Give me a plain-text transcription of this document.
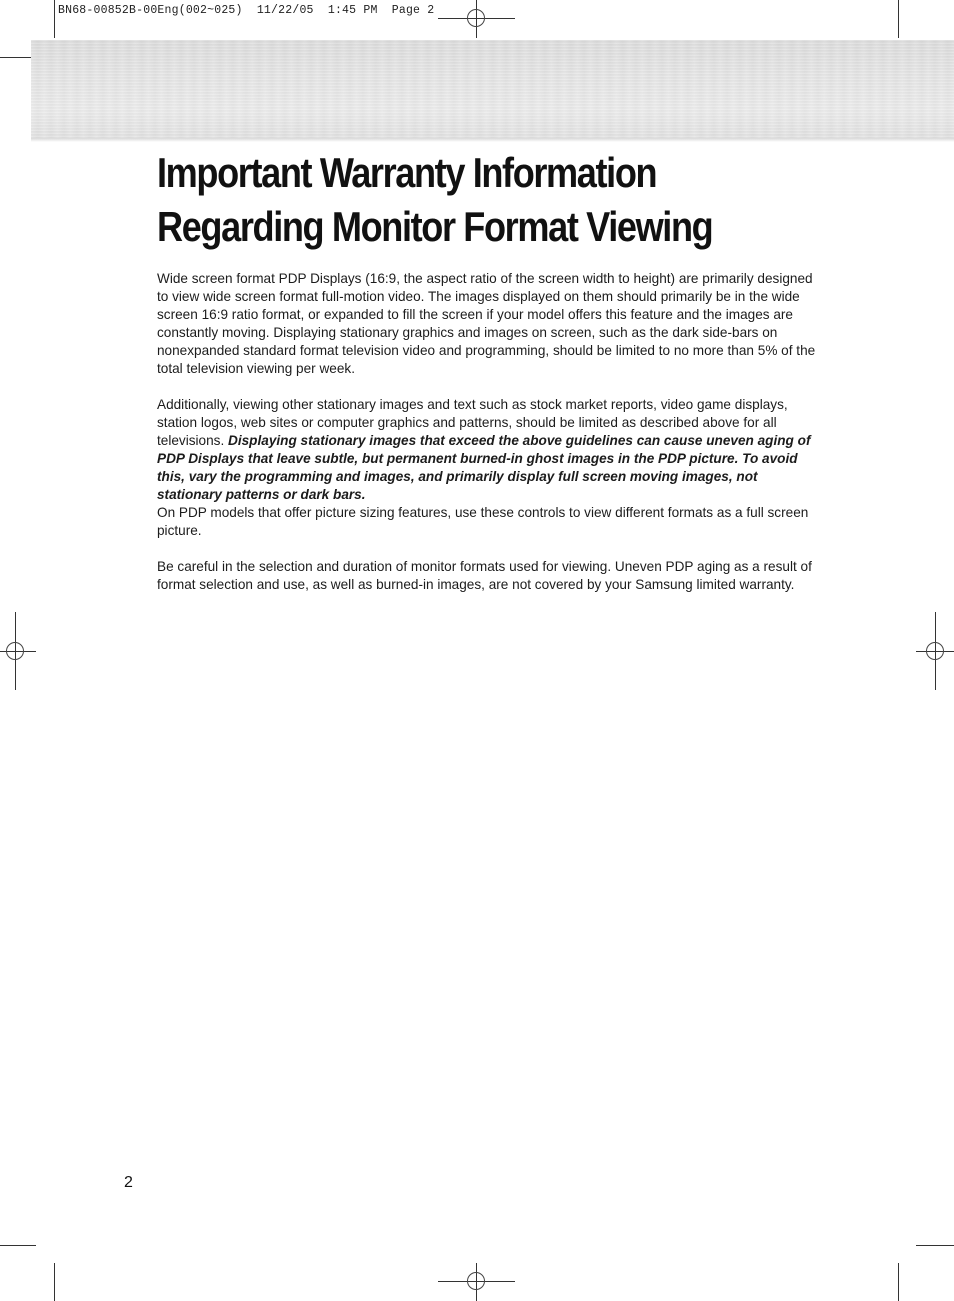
BN68-00852B-00Eng(002~025)  11/22/05  1:45 PM  Page 2
Important Warranty Information
Regarding Monitor Format Viewing

Wide screen format PDP Displays (16:9, the aspect ratio of the screen width to height) are primarily designed to view wide screen format full-motion video. The images displayed on them should primarily be in the wide screen 16:9 ratio format, or expanded to fill the screen if your model offers this feature and the images are constantly moving. Displaying stationary graphics and images on screen, such as the dark side-bars on nonexpanded standard format television video and programming, should be limited to no more than 5% of the total television viewing per week.

Additionally, viewing other stationary images and text such as stock market reports, video game displays, station logos, web sites or computer graphics and patterns, should be limited as described above for all televisions. Displaying stationary images that exceed the above guidelines can cause uneven aging of PDP Displays that leave subtle, but permanent burned-in ghost images in the PDP picture. To avoid this, vary the programming and images, and primarily display full screen moving images, not stationary patterns or dark bars.

On PDP models that offer picture sizing features, use these controls to view different formats as a full screen picture.

Be careful in the selection and duration of monitor formats used for viewing. Uneven PDP aging as a result of format selection and use, as well as burned-in images, are not covered by your Samsung limited warranty.

2
